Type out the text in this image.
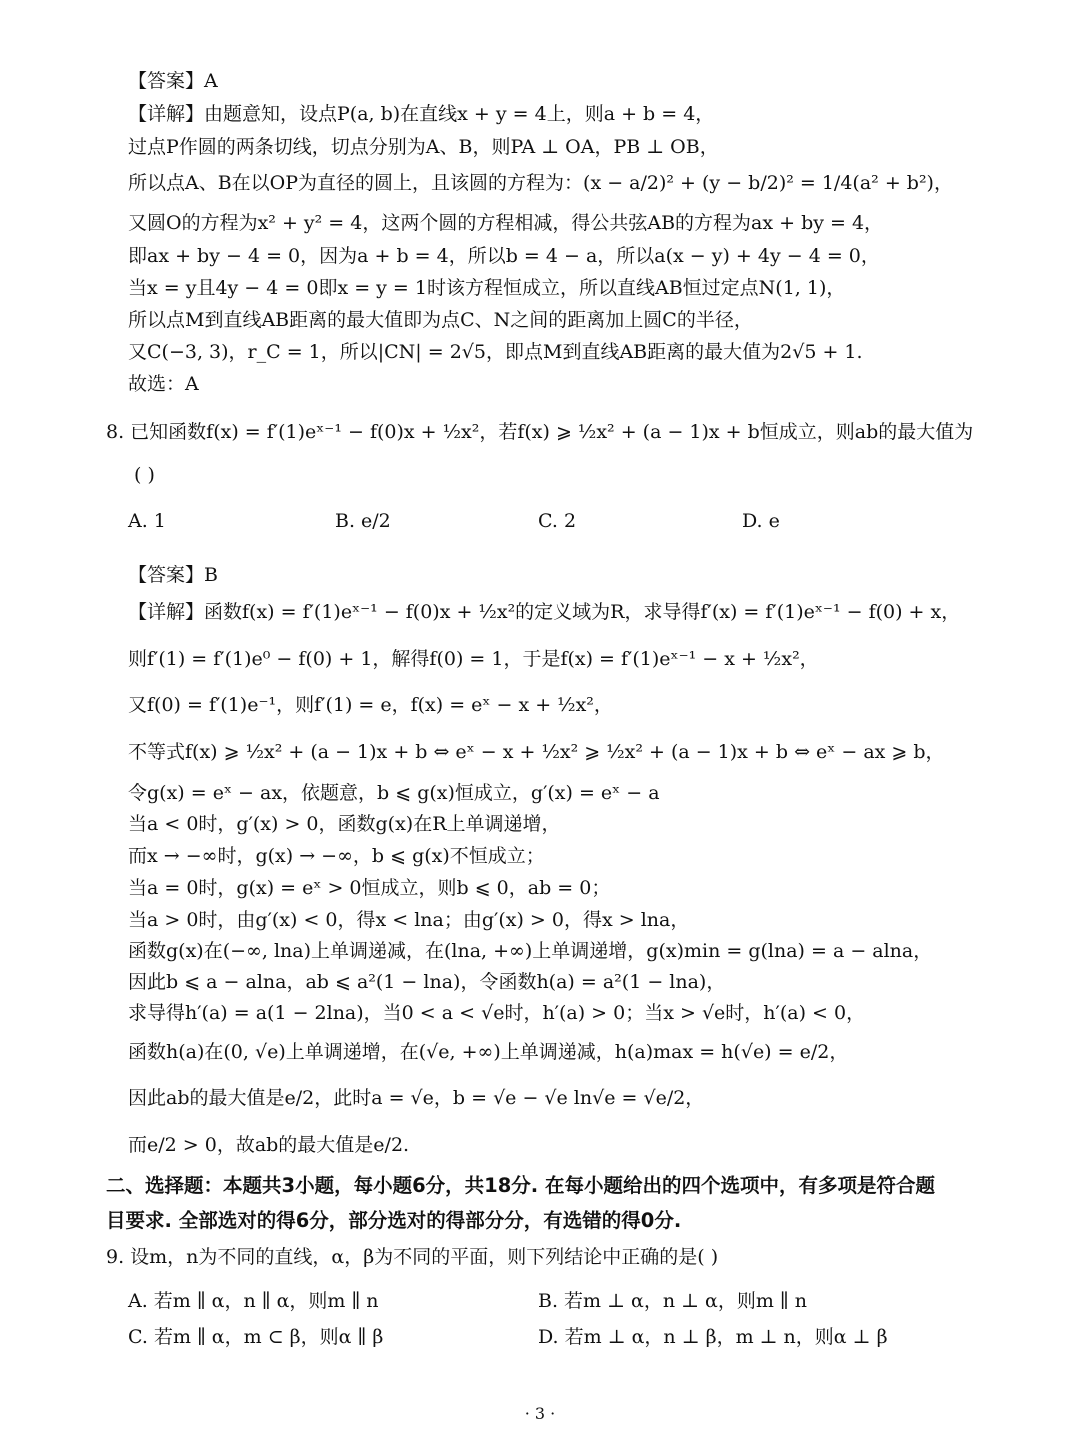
【答案】A
【详解】由题意知，设点P(a, b)在直线x + y = 4上，则a + b = 4，
过点P作圆的两条切线，切点分别为A、B，则PA ⊥ OA，PB ⊥ OB，
所以点A、B在以OP为直径的圆上，且该圆的方程为：(x − a/2)² + (y − b/2)² = 1/4(a² + b²)，
又圆O的方程为x² + y² = 4，这两个圆的方程相减，得公共弦AB的方程为ax + by = 4，
即ax + by − 4 = 0，因为a + b = 4，所以b = 4 − a，所以a(x − y) + 4y − 4 = 0，
当x = y且4y − 4 = 0即x = y = 1时该方程恒成立，所以直线AB恒过定点N(1, 1)，
所以点M到直线AB距离的最大值即为点C、N之间的距离加上圆C的半径，
又C(−3, 3)，r_C = 1，所以|CN| = 2√5，即点M到直线AB距离的最大值为2√5 + 1.
故选：A
8. 已知函数f(x) = f′(1)eˣ⁻¹ − f(0)x + ½x²，若f(x) ⩾ ½x² + (a − 1)x + b恒成立，则ab的最大值为
( )
A. 1	B. e/2	C. 2	D. e
【答案】B
【详解】函数f(x) = f′(1)eˣ⁻¹ − f(0)x + ½x²的定义域为R，求导得f′(x) = f′(1)eˣ⁻¹ − f(0) + x，
则f′(1) = f′(1)e⁰ − f(0) + 1，解得f(0) = 1，于是f(x) = f′(1)eˣ⁻¹ − x + ½x²，
又f(0) = f′(1)e⁻¹，则f′(1) = e，f(x) = eˣ − x + ½x²，
不等式f(x) ⩾ ½x² + (a − 1)x + b ⇔ eˣ − x + ½x² ⩾ ½x² + (a − 1)x + b ⇔ eˣ − ax ⩾ b，
令g(x) = eˣ − ax，依题意，b ⩽ g(x)恒成立，g′(x) = eˣ − a
当a < 0时，g′(x) > 0，函数g(x)在R上单调递增，
而x → −∞时，g(x) → −∞，b ⩽ g(x)不恒成立；
当a = 0时，g(x) = eˣ > 0恒成立，则b ⩽ 0，ab = 0；
当a > 0时，由g′(x) < 0，得x < lna；由g′(x) > 0，得x > lna，
函数g(x)在(−∞, lna)上单调递减，在(lna, +∞)上单调递增，g(x)min = g(lna) = a − alna，
因此b ⩽ a − alna，ab ⩽ a²(1 − lna)，令函数h(a) = a²(1 − lna)，
求导得h′(a) = a(1 − 2lna)，当0 < a < √e时，h′(a) > 0；当x > √e时，h′(a) < 0，
函数h(a)在(0, √e)上单调递增，在(√e, +∞)上单调递减，h(a)max = h(√e) = e/2，
因此ab的最大值是e/2，此时a = √e，b = √e − √e ln√e = √e/2，
而e/2 > 0，故ab的最大值是e/2.
二、选择题：本题共3小题，每小题6分，共18分. 在每小题给出的四个选项中，有多项是符合题
目要求. 全部选对的得6分，部分选对的得部分分，有选错的得0分.
9. 设m，n为不同的直线，α，β为不同的平面，则下列结论中正确的是( )
A. 若m ∥ α，n ∥ α，则m ∥ n	B. 若m ⊥ α，n ⊥ α，则m ∥ n
C. 若m ∥ α，m ⊂ β，则α ∥ β	D. 若m ⊥ α，n ⊥ β，m ⊥ n，则α ⊥ β
· 3 ·
